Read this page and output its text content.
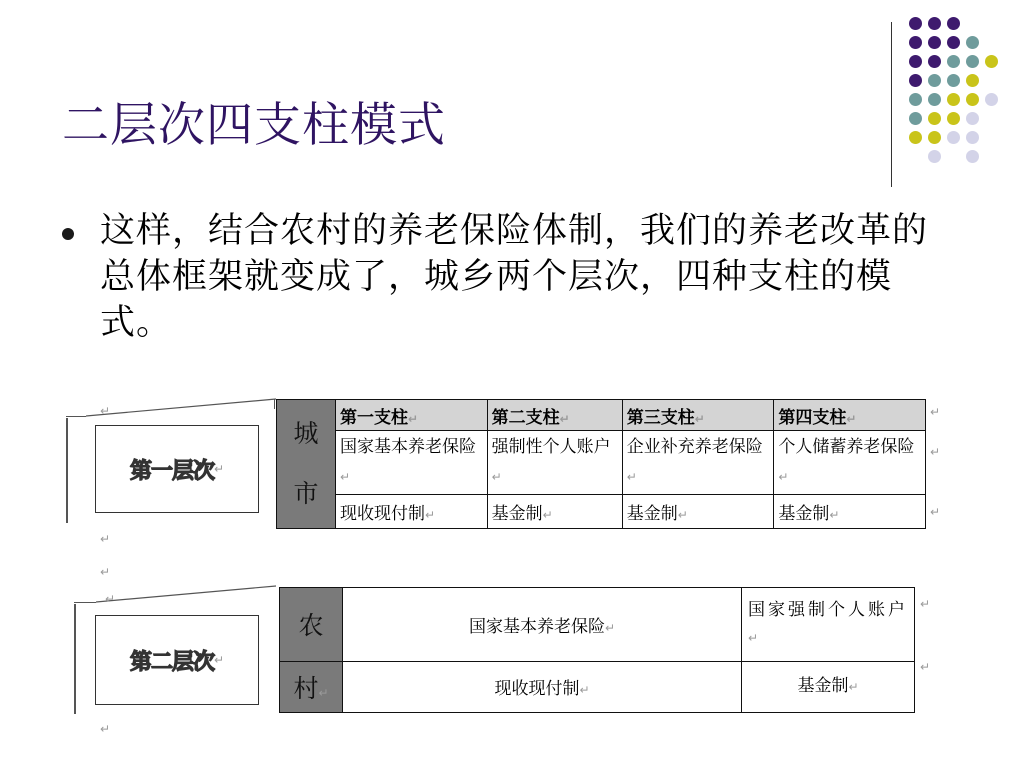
二层次四支柱模式
这样，结合农村的养老保险体制，我们的养老改革的总体框架就变成了，城乡两个层次，四种支柱的模式。
↵
第一层次 ↵
城
市	第一支柱↵	第二支柱↵	第三支柱↵	第四支柱↵
	国家基本养老保险↵	强制性个人账户↵	企业补充养老保险↵	个人储蓄养老保险↵
	现收现付制↵	基金制↵	基金制↵	基金制↵
↵
↵
↵
↵
↵
↵
第二层次 ↵
农	国家基本养老保险↵	国家强制个人账户↵
村↵	现收现付制↵	基金制↵
↵
↵
↵
